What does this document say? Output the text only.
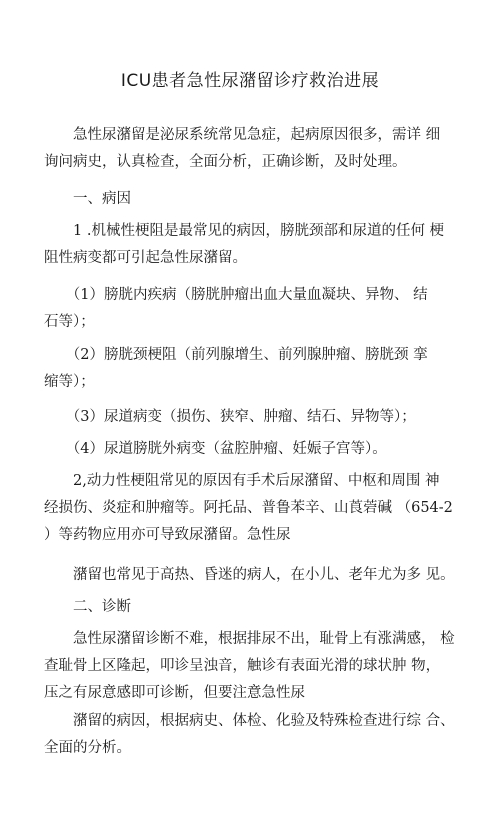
ICU患者急性尿潴留诊疗救治进展
　　急性尿潴留是泌尿系统常见急症，起病原因很多，需详 细
询问病史，认真检查，全面分析，正确诊断，及时处理。
　　一、病因
　　1 .机械性梗阻是最常见的病因，膀胱颈部和尿道的任何 梗
阻性病变都可引起急性尿潴留。
　　（1）膀胱内疾病（膀胱肿瘤出血大量血凝块、异物、 结
石等）；
　　（2）膀胱颈梗阻（前列腺增生、前列腺肿瘤、膀胱颈 挛
缩等）；
　　（3）尿道病变（损伤、狭窄、肿瘤、结石、异物等）；
　　（4）尿道膀胱外病变（盆腔肿瘤、妊娠子宫等）。
　　2,动力性梗阻常见的原因有手术后尿潴留、中枢和周围 神
经损伤、炎症和肿瘤等。阿托品、普鲁苯辛、山莨菪碱 （654-2
）等药物应用亦可导致尿潴留。急性尿
　　潴留也常见于高热、昏迷的病人，在小儿、老年尤为多 见。
　　二、诊断
　　急性尿潴留诊断不难，根据排尿不出，耻骨上有涨满感， 检
查耻骨上区隆起，叩诊呈浊音，触诊有表面光滑的球状肿 物，
压之有尿意感即可诊断，但要注意急性尿
　　潴留的病因，根据病史、体检、化验及特殊检查进行综 合、
全面的分析。
